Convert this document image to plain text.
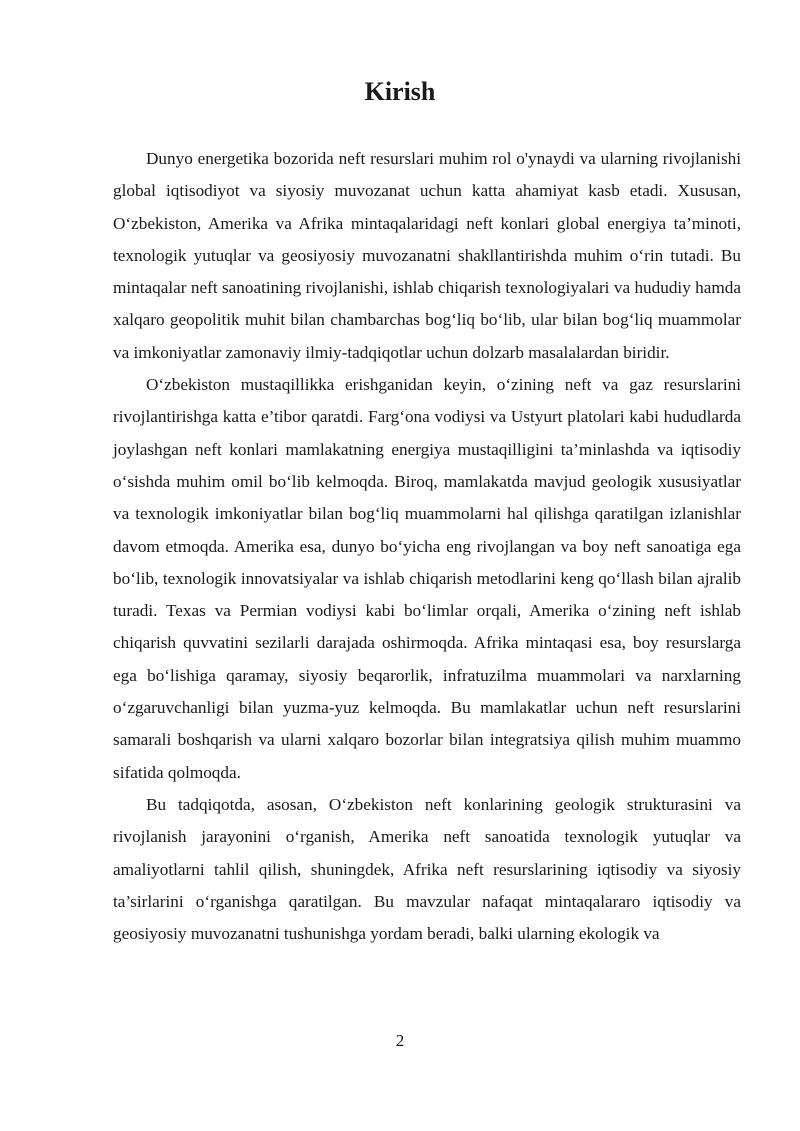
Kirish

Dunyo energetika bozorida neft resurslari muhim rol o'ynaydi va ularning rivojlanishi global iqtisodiyot va siyosiy muvozanat uchun katta ahamiyat kasb etadi. Xususan, O‘zbekiston, Amerika va Afrika mintaqalaridagi neft konlari global energiya ta’minoti, texnologik yutuqlar va geosiyosiy muvozanatni shakllantirishda muhim o‘rin tutadi. Bu mintaqalar neft sanoatining rivojlanishi, ishlab chiqarish texnologiyalari va hududiy hamda xalqaro geopolitik muhit bilan chambarchas bog‘liq bo‘lib, ular bilan bog‘liq muammolar va imkoniyatlar zamonaviy ilmiy-tadqiqotlar uchun dolzarb masalalardan biridir.

O‘zbekiston mustaqillikka erishganidan keyin, o‘zining neft va gaz resurslarini rivojlantirishga katta e’tibor qaratdi. Farg‘ona vodiysi va Ustyurt platolari kabi hududlarda joylashgan neft konlari mamlakatning energiya mustaqilligini ta’minlashda va iqtisodiy o‘sishda muhim omil bo‘lib kelmoqda. Biroq, mamlakatda mavjud geologik xususiyatlar va texnologik imkoniyatlar bilan bog‘liq muammolarni hal qilishga qaratilgan izlanishlar davom etmoqda. Amerika esa, dunyo bo‘yicha eng rivojlangan va boy neft sanoatiga ega bo‘lib, texnologik innovatsiyalar va ishlab chiqarish metodlarini keng qo‘llash bilan ajralib turadi. Texas va Permian vodiysi kabi bo‘limlar orqali, Amerika o‘zining neft ishlab chiqarish quvvatini sezilarli darajada oshirmoqda. Afrika mintaqasi esa, boy resurslarga ega bo‘lishiga qaramay, siyosiy beqarorlik, infratuzilma muammolari va narxlarning o‘zgaruvchanligi bilan yuzma-yuz kelmoqda. Bu mamlakatlar uchun neft resurslarini samarali boshqarish va ularni xalqaro bozorlar bilan integratsiya qilish muhim muammo sifatida qolmoqda.

Bu tadqiqotda, asosan, O‘zbekiston neft konlarining geologik strukturasini va rivojlanish jarayonini o‘rganish, Amerika neft sanoatida texnologik yutuqlar va amaliyotlarni tahlil qilish, shuningdek, Afrika neft resurslarining iqtisodiy va siyosiy ta’sirlarini o‘rganishga qaratilgan. Bu mavzular nafaqat mintaqalararo iqtisodiy va geosiyosiy muvozanatni tushunishga yordam beradi, balki ularning ekologik va

2
